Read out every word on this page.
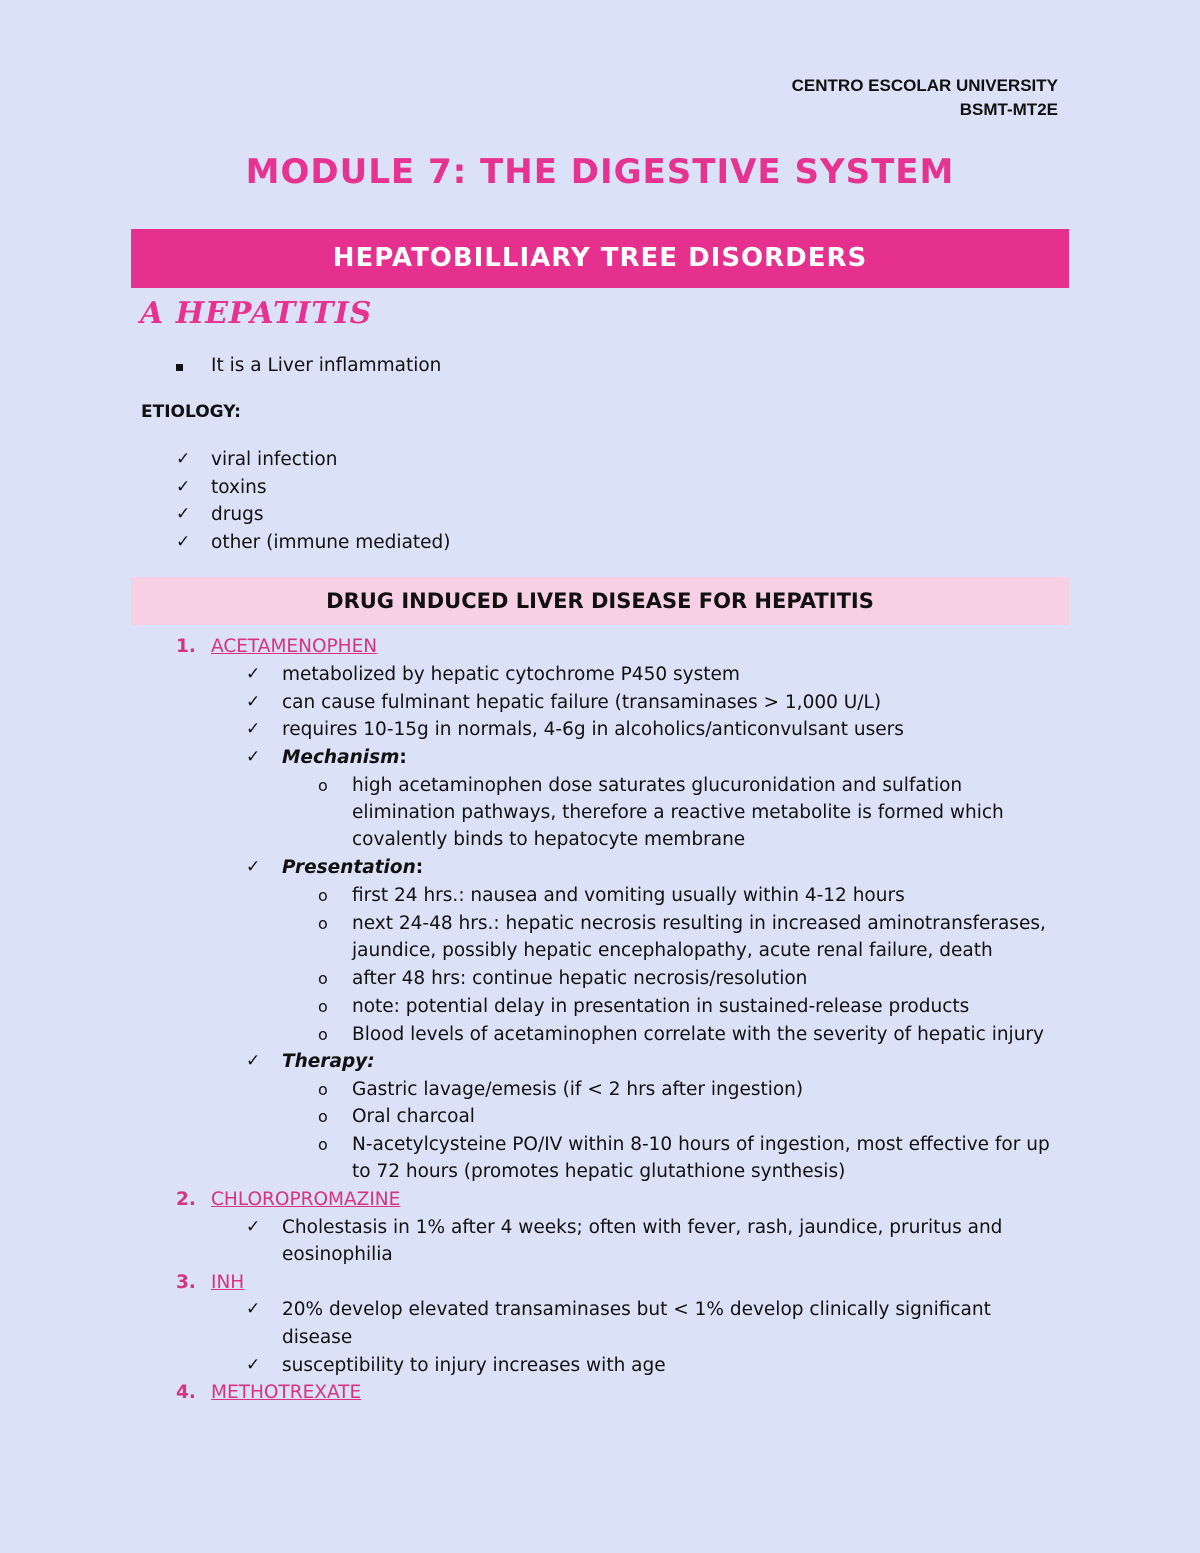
CENTRO ESCOLAR UNIVERSITY
BSMT-MT2E
MODULE 7: THE DIGESTIVE SYSTEM
HEPATOBILLIARY TREE DISORDERS
A HEPATITIS
It is a Liver inflammation
ETIOLOGY:
✓ viral infection
✓ toxins
✓ drugs
✓ other (immune mediated)
DRUG INDUCED LIVER DISEASE FOR HEPATITIS
1. ACETAMENOPHEN
✓ metabolized by hepatic cytochrome P450 system
✓ can cause fulminant hepatic failure (transaminases > 1,000 U/L)
✓ requires 10-15g in normals, 4-6g in alcoholics/anticonvulsant users
✓ Mechanism:
o high acetaminophen dose saturates glucuronidation and sulfation
elimination pathways, therefore a reactive metabolite is formed which
covalently binds to hepatocyte membrane
✓ Presentation:
o first 24 hrs.: nausea and vomiting usually within 4-12 hours
o next 24-48 hrs.: hepatic necrosis resulting in increased aminotransferases,
jaundice, possibly hepatic encephalopathy, acute renal failure, death
o after 48 hrs: continue hepatic necrosis/resolution
o note: potential delay in presentation in sustained-release products
o Blood levels of acetaminophen correlate with the severity of hepatic injury
✓ Therapy:
o Gastric lavage/emesis (if < 2 hrs after ingestion)
o Oral charcoal
o N-acetylcysteine PO/IV within 8-10 hours of ingestion, most effective for up
to 72 hours (promotes hepatic glutathione synthesis)
2. CHLOROPROMAZINE
✓ Cholestasis in 1% after 4 weeks; often with fever, rash, jaundice, pruritus and
eosinophilia
3. INH
✓ 20% develop elevated transaminases but < 1% develop clinically significant
disease
✓ susceptibility to injury increases with age
4. METHOTREXATE
